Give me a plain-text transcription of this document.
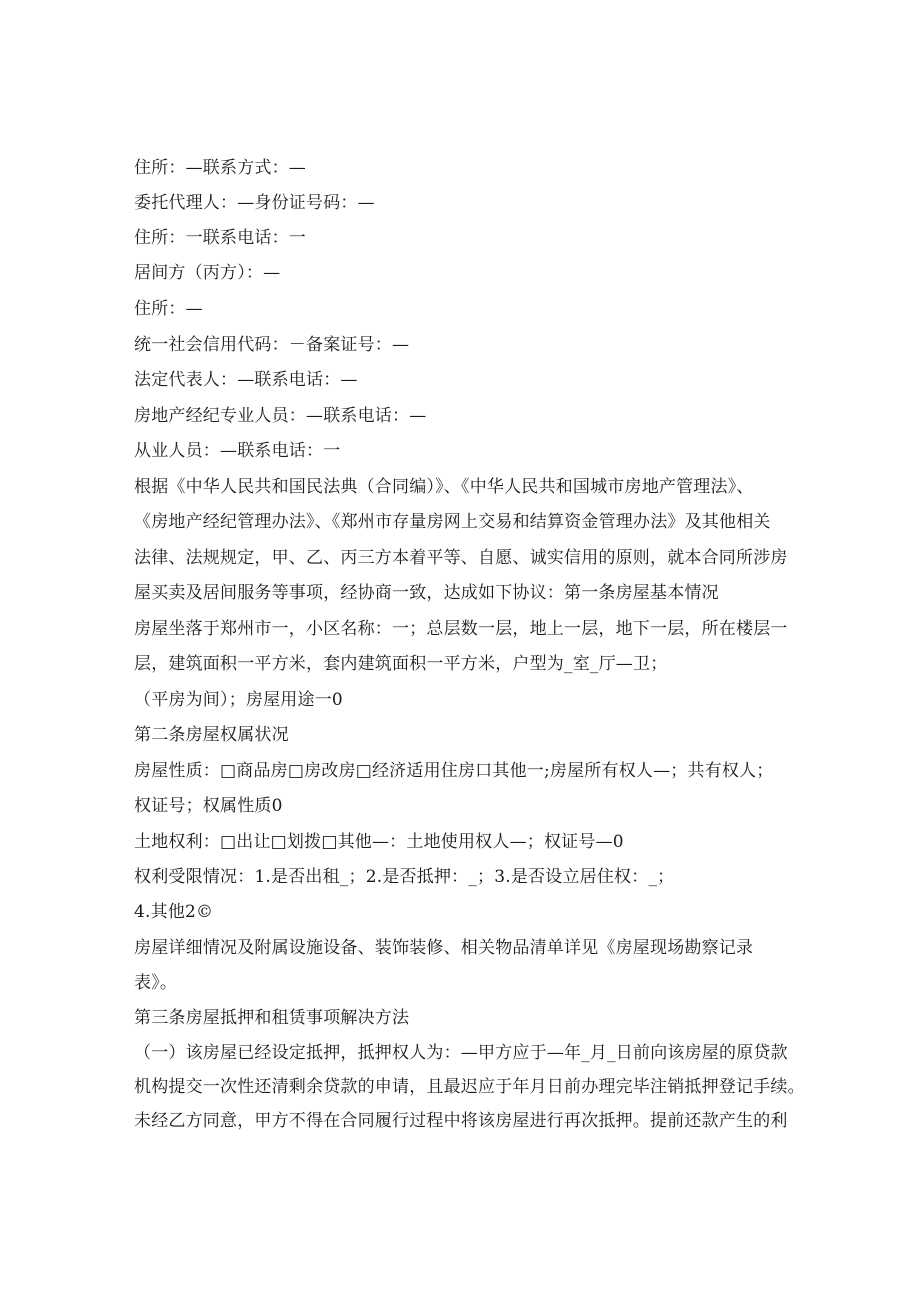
住所：—联系方式：—
委托代理人：—身份证号码：—
住所：一联系电话：一
居间方（丙方）：—
住所：—
统一社会信用代码：－备案证号：—
法定代表人：—联系电话：—
房地产经纪专业人员：—联系电话：—
从业人员：—联系电话：一
根据《中华人民共和国民法典（合同编）》、《中华人民共和国城市房地产管理法》、
《房地产经纪管理办法》、《郑州市存量房网上交易和结算资金管理办法》及其他相关
法律、法规规定，甲、乙、丙三方本着平等、自愿、诚实信用的原则，就本合同所涉房
屋买卖及居间服务等事项，经协商一致，达成如下协议：第一条房屋基本情况
房屋坐落于郑州市一，小区名称：一；总层数一层，地上一层，地下一层，所在楼层一
层，建筑面积一平方米，套内建筑面积一平方米，户型为_室_厅—卫；
（平房为间）；房屋用途一0
第二条房屋权属状况
房屋性质：□商品房□房改房□经济适用住房口其他一;房屋所有权人—；共有权人；
权证号；权属性质0
土地权利：□出让□划拨□其他—：土地使用权人—；权证号—0
权利受限情况：1.是否出租_；2.是否抵押：_；3.是否设立居住权：_；
4.其他2©
房屋详细情况及附属设施设备、装饰装修、相关物品清单详见《房屋现场勘察记录
表》。
第三条房屋抵押和租赁事项解决方法
（一）该房屋已经设定抵押，抵押权人为：—甲方应于—年_月_日前向该房屋的原贷款
机构提交一次性还清剩余贷款的申请，且最迟应于年月日前办理完毕注销抵押登记手续。
未经乙方同意，甲方不得在合同履行过程中将该房屋进行再次抵押。提前还款产生的利
